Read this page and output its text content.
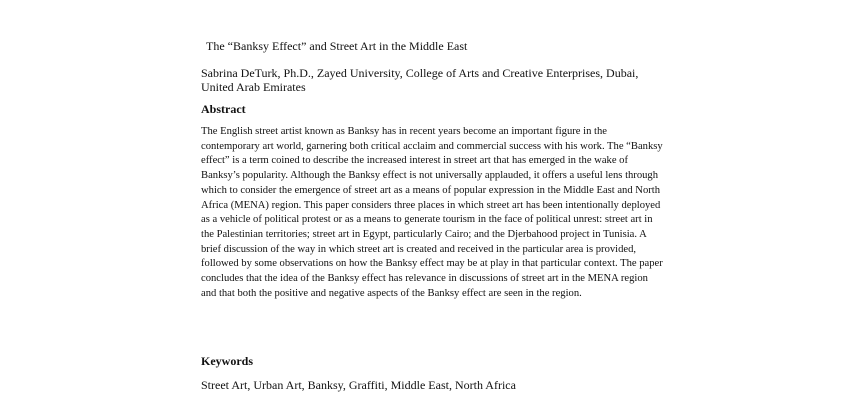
The “Banksy Effect” and Street Art in the Middle East
Sabrina DeTurk, Ph.D., Zayed University, College of Arts and Creative Enterprises, Dubai,
United Arab Emirates
Abstract

The English street artist known as Banksy has in recent years become an important figure in the contemporary art world, garnering both critical acclaim and commercial success with his work. The “Banksy effect” is a term coined to describe the increased interest in street art that has emerged in the wake of Banksy’s popularity. Although the Banksy effect is not universally applauded, it offers a useful lens through which to consider the emergence of street art as a means of popular expression in the Middle East and North Africa (MENA) region. This paper considers three places in which street art has been intentionally deployed as a vehicle of political protest or as a means to generate tourism in the face of political unrest: street art in the Palestinian territories; street art in Egypt, particularly Cairo; and the Djerbahood project in Tunisia. A brief discussion of the way in which street art is created and received in the particular area is provided, followed by some observations on how the Banksy effect may be at play in that particular context. The paper concludes that the idea of the Banksy effect has relevance in discussions of street art in the MENA region and that both the positive and negative aspects of the Banksy effect are seen in the region.

Keywords
Street Art, Urban Art, Banksy, Graffiti, Middle East, North Africa
